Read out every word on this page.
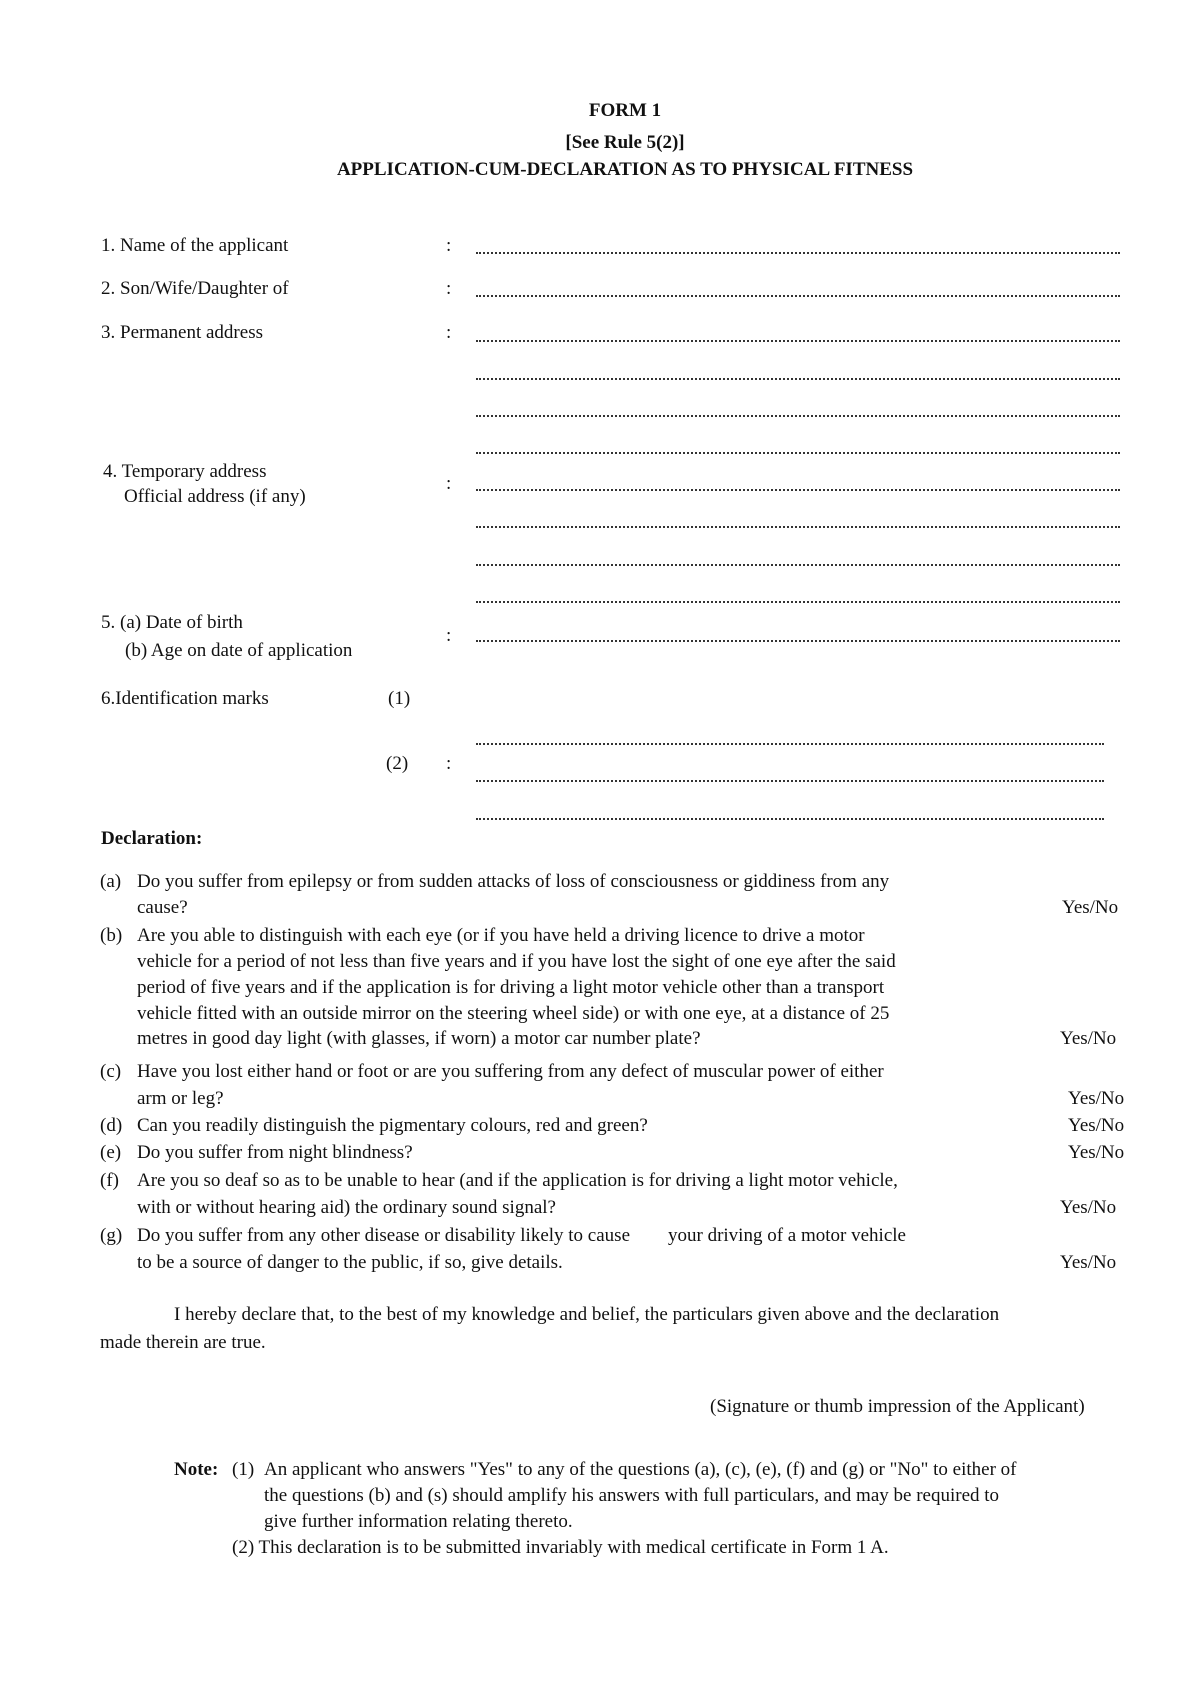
FORM 1
[See Rule 5(2)]
APPLICATION-CUM-DECLARATION AS TO PHYSICAL FITNESS
1. Name of the applicant	:
2. Son/Wife/Daughter of	:
3. Permanent address	:
4. Temporary address
Official address (if any)
:
5. (a) Date of birth
(b) Age on date of application
:
6.Identification marks	(1)
(2) :
Declaration:
(a) Do you suffer from epilepsy or from sudden attacks of loss of consciousness or giddiness from any
cause?	Yes/No
(b) Are you able to distinguish with each eye (or if you have held a driving licence to drive a motor
vehicle for a period of not less than five years and if you have lost the sight of one eye after the said
period of five years and if the application is for driving a light motor vehicle other than a transport
vehicle fitted with an outside mirror on the steering wheel side) or with one eye, at a distance of 25
metres in good day light (with glasses, if worn) a motor car number plate?	Yes/No
(c) Have you lost either hand or foot or are you suffering from any defect of muscular power of either
arm or leg?	Yes/No
(d) Can you readily distinguish the pigmentary colours, red and green?	Yes/No
(e) Do you suffer from night blindness?	Yes/No
(f) Are you so deaf so as to be unable to hear (and if the application is for driving a light motor vehicle,
with or without hearing aid) the ordinary sound signal?	Yes/No
(g) Do you suffer from any other disease or disability likely to cause        your driving of a motor vehicle
to be a source of danger to the public, if so, give details.	Yes/No
I hereby declare that, to the best of my knowledge and belief, the particulars given above and the declaration
made therein are true.
(Signature or thumb impression of the Applicant)
Note: (1) An applicant who answers "Yes" to any of the questions (a), (c), (e), (f) and (g) or "No" to either of
the questions (b) and (s) should amplify his answers with full particulars, and may be required to
give further information relating thereto.
(2) This declaration is to be submitted invariably with medical certificate in Form 1 A.
